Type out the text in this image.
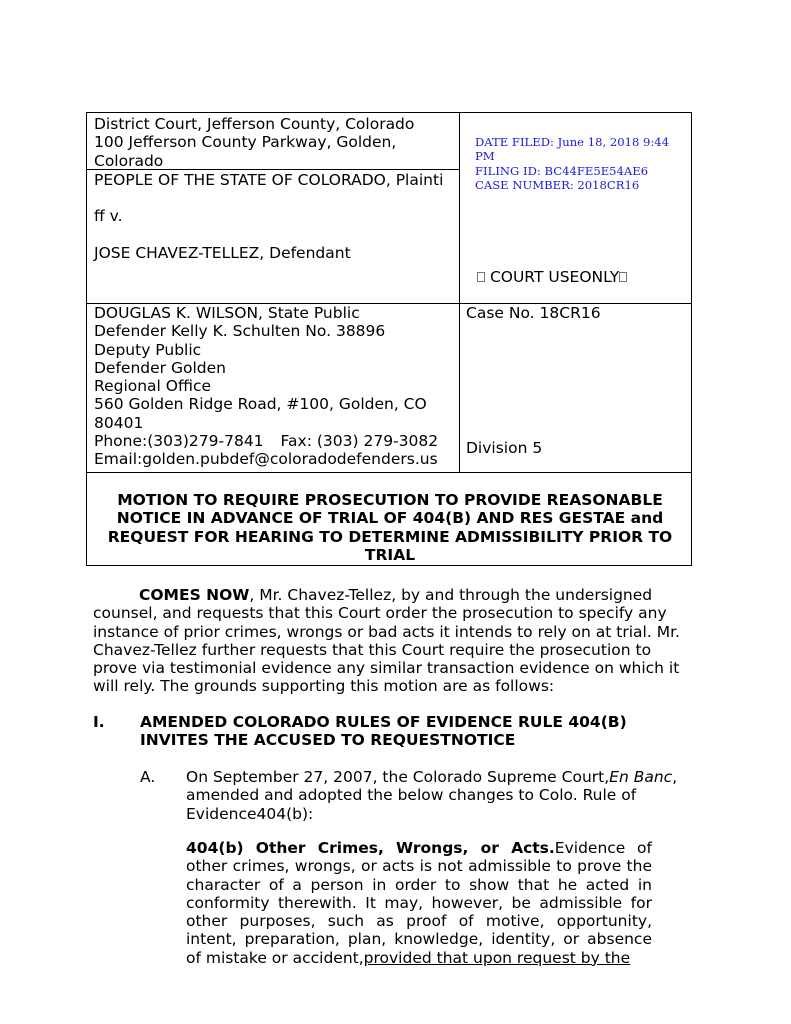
District Court, Jefferson County, Colorado
100 Jefferson County Parkway, Golden, Colorado
PEOPLE OF THE STATE OF COLORADO, Plainti
ff v.
JOSE CHAVEZ-TELLEZ, Defendant
DATE FILED: June 18, 2018 9:44 PM
FILING ID: BC44FE5E54AE6
CASE NUMBER: 2018CR16
COURT USEONLY
DOUGLAS K. WILSON, State Public
Defender Kelly K. Schulten No. 38896
Deputy Public
Defender Golden
Regional Office
560 Golden Ridge Road, #100, Golden, CO
80401
Phone:(303)279-7841 Fax: (303) 279-3082
Email:golden.pubdef@coloradodefenders.us
Case No. 18CR16
Division 5
MOTION TO REQUIRE PROSECUTION TO PROVIDE REASONABLE NOTICE IN ADVANCE OF TRIAL OF 404(B) AND RES GESTAE and REQUEST FOR HEARING TO DETERMINE ADMISSIBILITY PRIOR TO TRIAL
COMES NOW, Mr. Chavez-Tellez, by and through the undersigned counsel, and requests that this Court order the prosecution to specify any instance of prior crimes, wrongs or bad acts it intends to rely on at trial. Mr. Chavez-Tellez further requests that this Court require the prosecution to prove via testimonial evidence any similar transaction evidence on which it will rely. The grounds supporting this motion are as follows:
I. AMENDED COLORADO RULES OF EVIDENCE RULE 404(B) INVITES THE ACCUSED TO REQUESTNOTICE
A. On September 27, 2007, the Colorado Supreme Court,En Banc, amended and adopted the below changes to Colo. Rule of Evidence404(b):
404(b) Other Crimes, Wrongs, or Acts.Evidence of other crimes, wrongs, or acts is not admissible to prove the character of a person in order to show that he acted in conformity therewith. It may, however, be admissible for other purposes, such as proof of motive, opportunity, intent, preparation, plan, knowledge, identity, or absence of mistake or accident,provided that upon request by the
